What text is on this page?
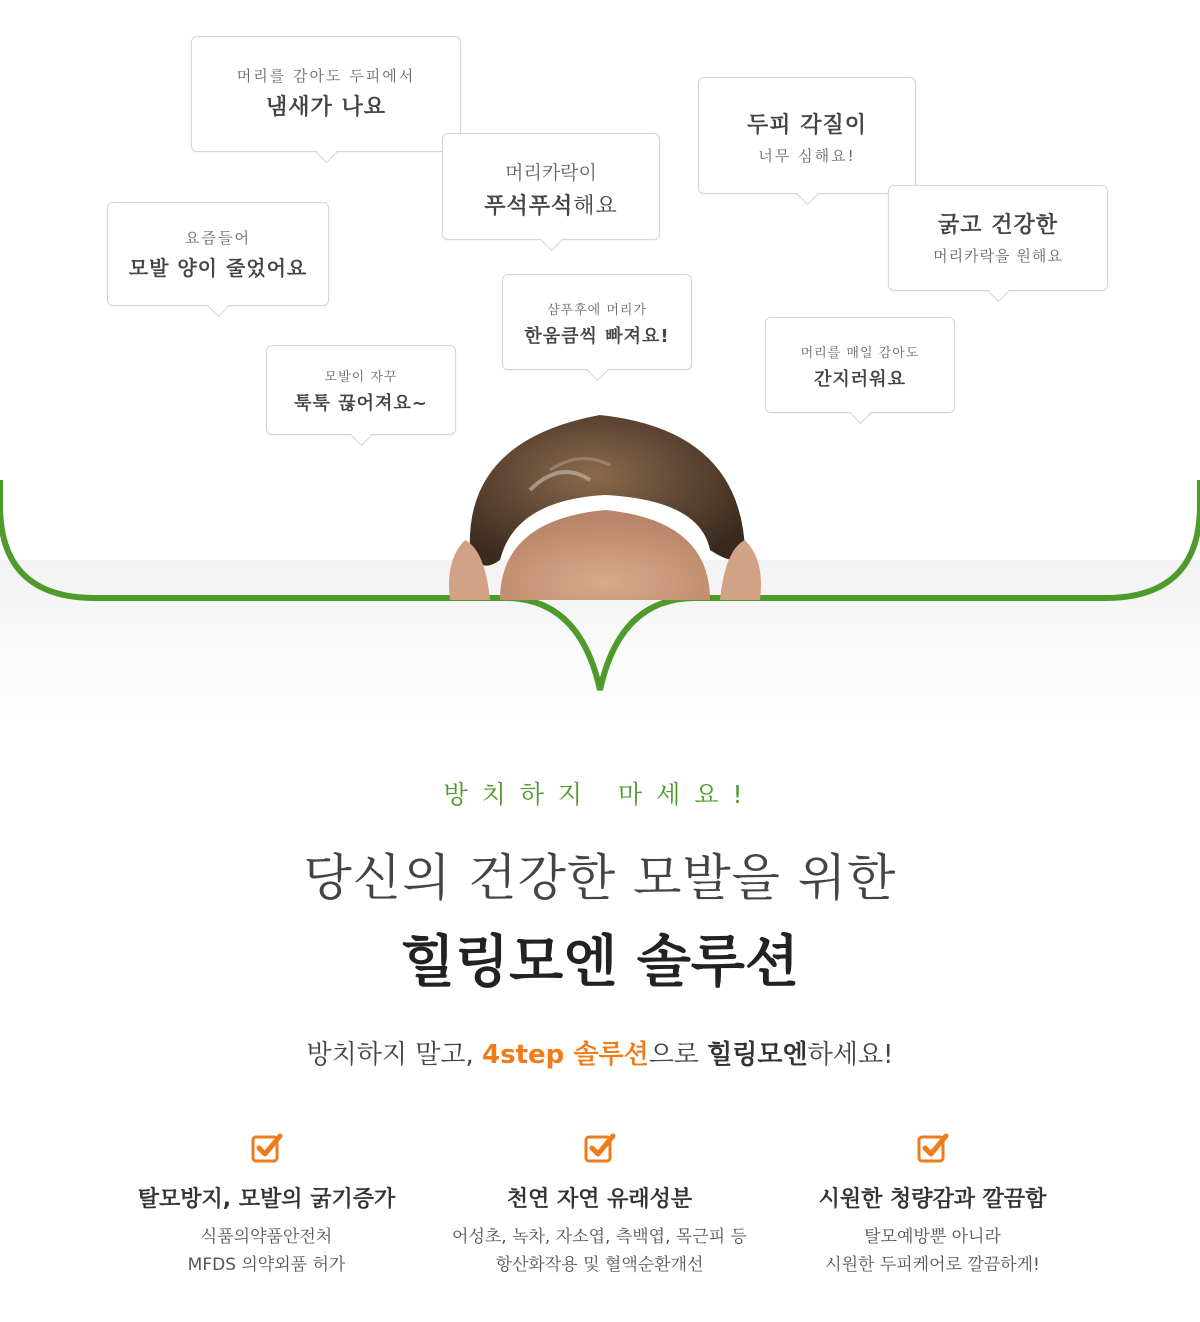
머리를 감아도 두피에서
냄새가 나요
머리카락이
푸석푸석해요
두피 각질이
너무 심해요!
요즘들어
모발 양이 줄었어요
굵고 건강한
머리카락을 원해요
샴푸후에 머리가
한움큼씩 빠져요!
머리를 매일 감아도
간지러워요
모발이 자꾸
툭툭 끊어져요~
방치하지 마세요!
당신의 건강한 모발을 위한
힐링모엔 솔루션

방치하지 말고, 4step 솔루션으로 힐링모엔하세요!

탈모방지, 모발의 굵기증가

식품의약품안전처

MFDS 의약외품 허가

천연 자연 유래성분

어성초, 녹차, 자소엽, 측백엽, 목근피 등

항산화작용 및 혈액순환개선

시원한 청량감과 깔끔함

탈모예방뿐 아니라

시원한 두피케어로 깔끔하게!
